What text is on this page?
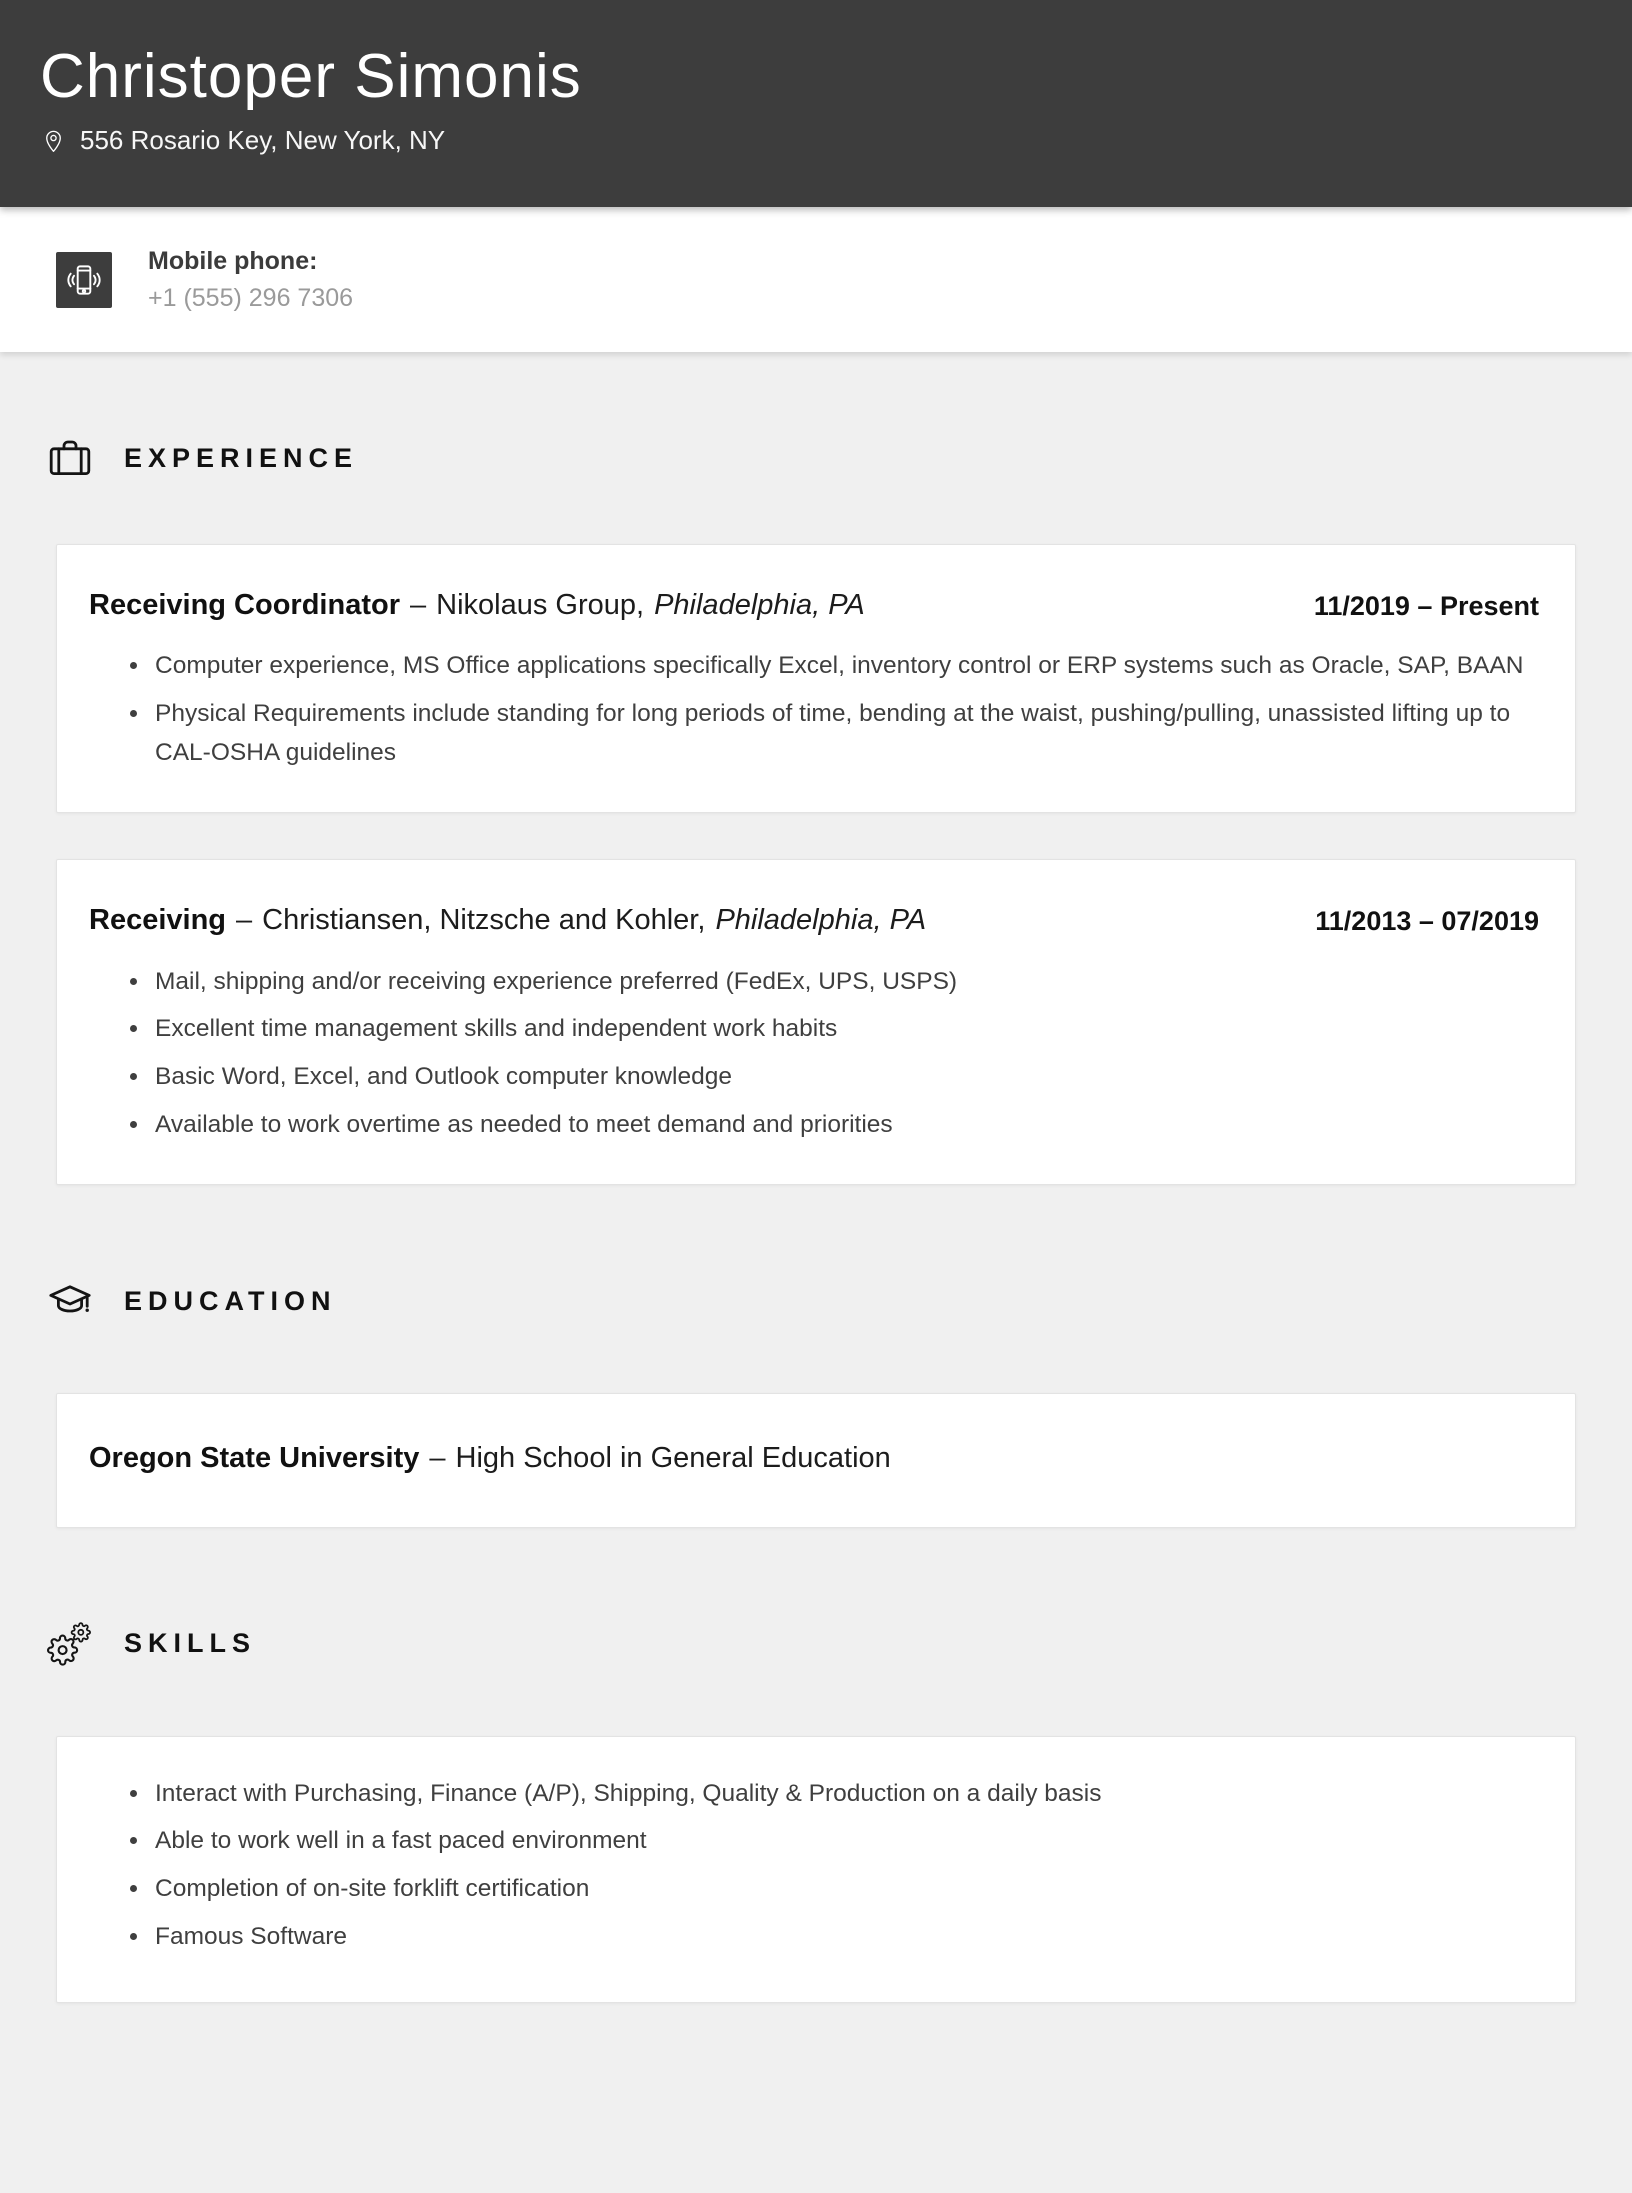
Christoper Simonis
556 Rosario Key, New York, NY
Mobile phone:
+1 (555) 296 7306
EXPERIENCE
Receiving Coordinator – Nikolaus Group, Philadelphia, PA	11/2019 – Present
• Computer experience, MS Office applications specifically Excel, inventory control or ERP systems such as Oracle, SAP, BAAN
• Physical Requirements include standing for long periods of time, bending at the waist, pushing/pulling, unassisted lifting up to CAL-OSHA guidelines
Receiving – Christiansen, Nitzsche and Kohler, Philadelphia, PA	11/2013 – 07/2019
• Mail, shipping and/or receiving experience preferred (FedEx, UPS, USPS)
• Excellent time management skills and independent work habits
• Basic Word, Excel, and Outlook computer knowledge
• Available to work overtime as needed to meet demand and priorities
EDUCATION
Oregon State University – High School in General Education
SKILLS
• Interact with Purchasing, Finance (A/P), Shipping, Quality & Production on a daily basis
• Able to work well in a fast paced environment
• Completion of on-site forklift certification
• Famous Software
